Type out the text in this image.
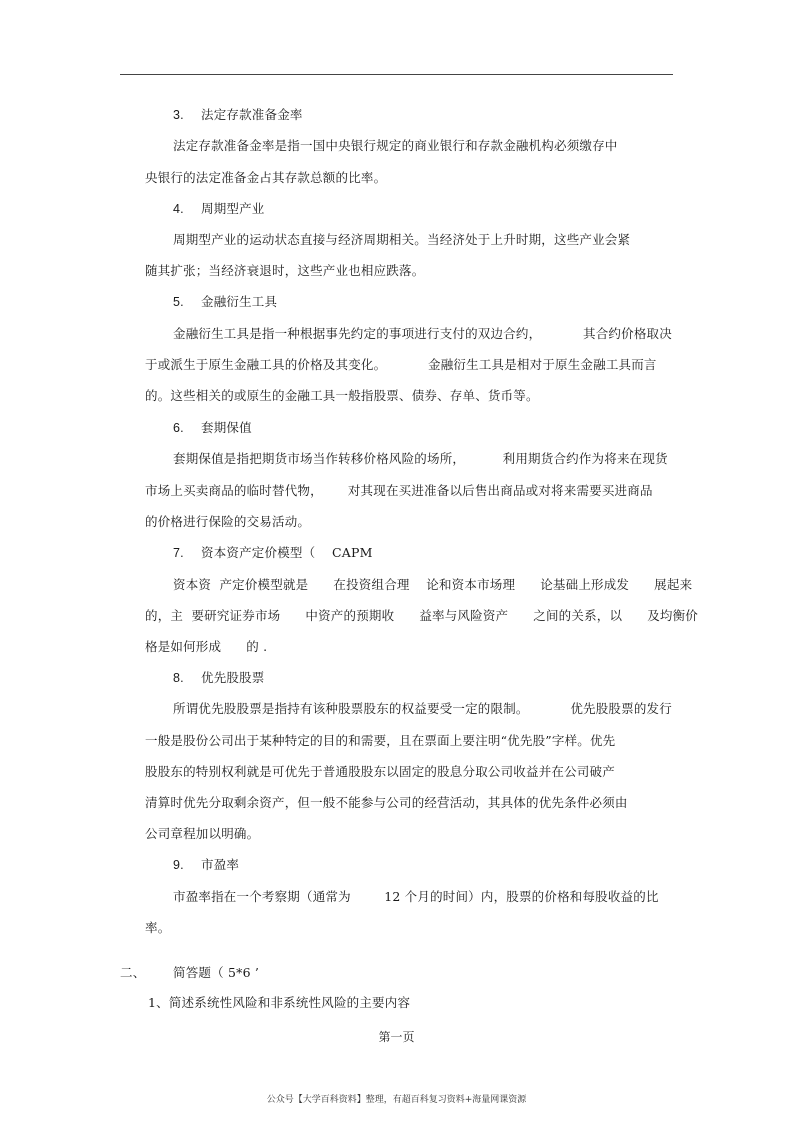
3. 法定存款准备金率
法定存款准备金率是指一国中央银行规定的商业银行和存款金融机构必须缴存中
央银行的法定准备金占其存款总额的比率。
4. 周期型产业
周期型产业的运动状态直接与经济周期相关。当经济处于上升时期，这些产业会紧
随其扩张；当经济衰退时，这些产业也相应跌落。
5. 金融衍生工具
金融衍生工具是指一种根据事先约定的事项进行支付的双边合约，          其合约价格取决
于或派生于原生金融工具的价格及其变化。          金融衍生工具是相对于原生金融工具而言
的。这些相关的或原生的金融工具一般指股票、债券、存单、货币等。
6. 套期保值
套期保值是指把期货市场当作转移价格风险的场所，         利用期货合约作为将来在现货
市场上买卖商品的临时替代物，      对其现在买进准备以后售出商品或对将来需要买进商品
的价格进行保险的交易活动。
7. 资本资产定价模型（    CAPM
资本资  产定价模型就是      在投资组合理    论和资本市场理      论基础上形成发      展起来
的，主  要研究证券市场      中资产的预期收      益率与风险资产      之间的关系，以      及均衡价
格是如何形成      的 .
8. 优先股股票
所谓优先股股票是指持有该种股票股东的权益要受一定的限制。          优先股股票的发行
一般是股份公司出于某种特定的目的和需要，且在票面上要注明“优先股”字样。优先
股股东的特别权利就是可优先于普通股股东以固定的股息分取公司收益并在公司破产
清算时优先分取剩余资产，但一般不能参与公司的经营活动，其具体的优先条件必须由
公司章程加以明确。
9. 市盈率
市盈率指在一个考察期（通常为        12 个月的时间）内，股票的价格和每股收益的比
率。
二、 简答题（ 5*6 ’
1、简述系统性风险和非系统性风险的主要内容
第一页
公众号【大学百科资料】整理，有超百科复习资料+海量网课资源
